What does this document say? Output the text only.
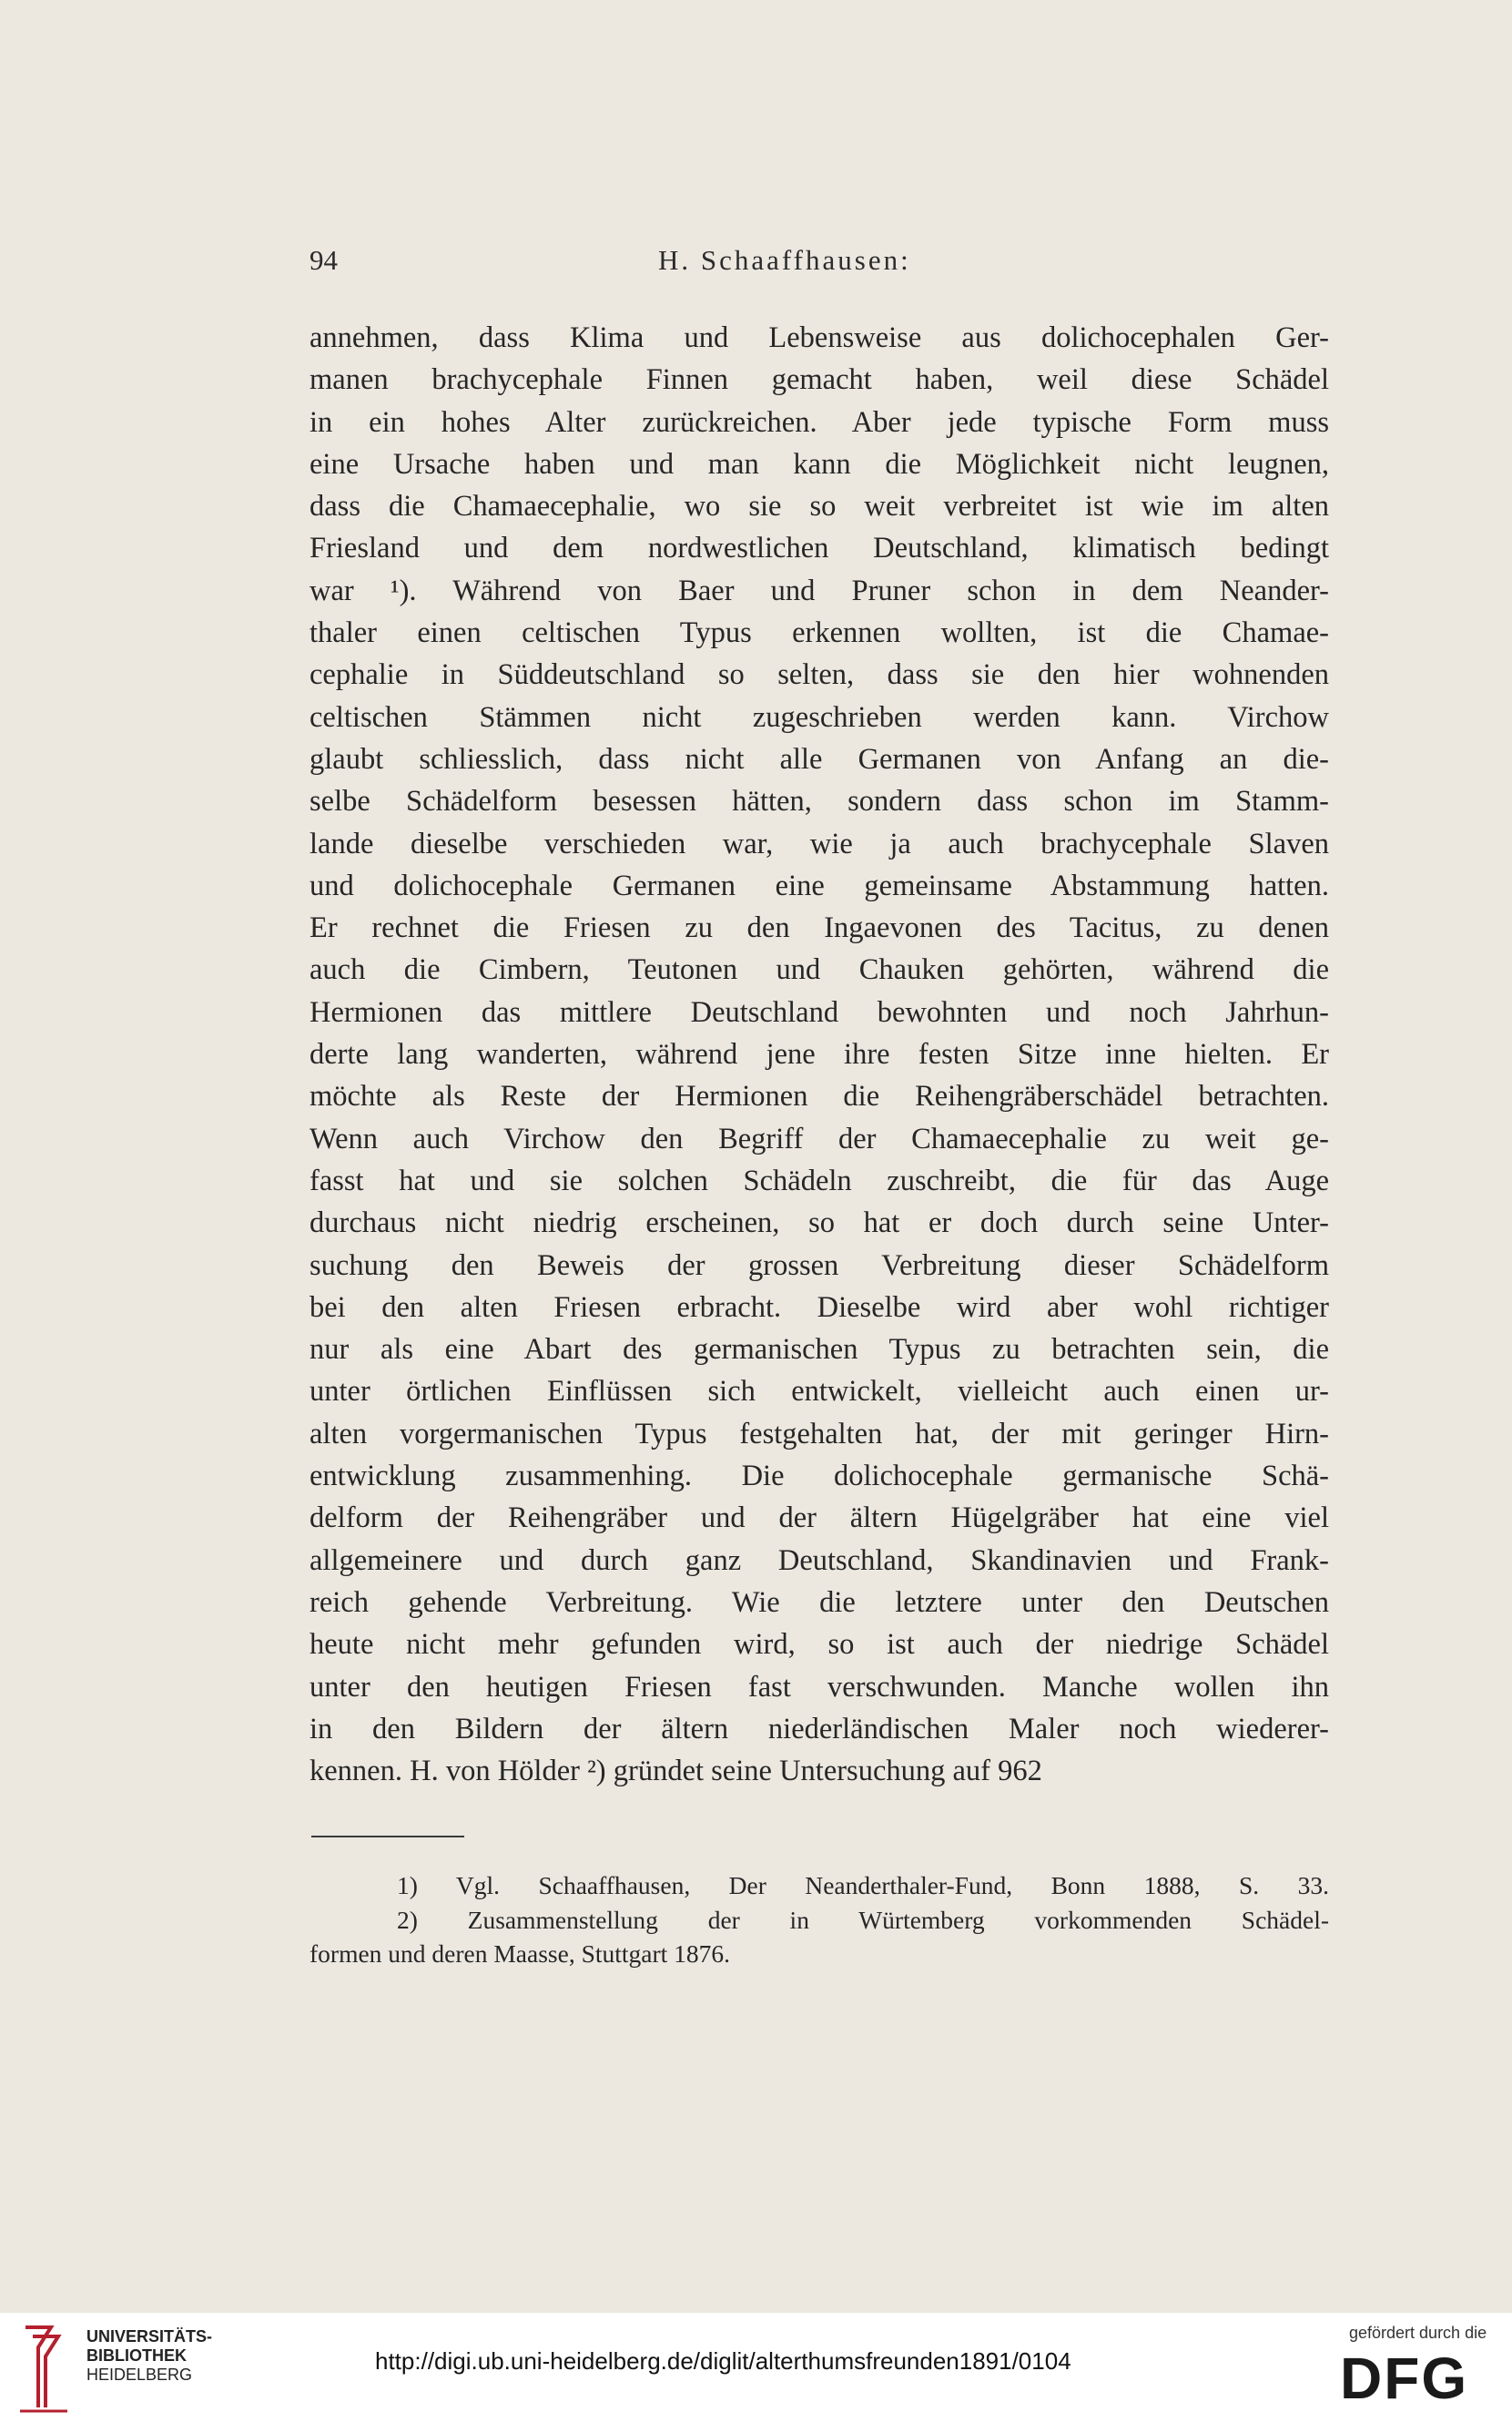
94	H. Schaaffhausen:
annehmen, dass Klima und Lebensweise aus dolichocephalen Ger-
manen brachycephale Finnen gemacht haben, weil diese Schädel
in ein hohes Alter zurückreichen. Aber jede typische Form muss
eine Ursache haben und man kann die Möglichkeit nicht leugnen,
dass die Chamaecephalie, wo sie so weit verbreitet ist wie im alten
Friesland und dem nordwestlichen Deutschland, klimatisch bedingt
war ¹). Während von Baer und Pruner schon in dem Neander-
thaler einen celtischen Typus erkennen wollten, ist die Chamae-
cephalie in Süddeutschland so selten, dass sie den hier wohnenden
celtischen Stämmen nicht zugeschrieben werden kann. Virchow
glaubt schliesslich, dass nicht alle Germanen von Anfang an die-
selbe Schädelform besessen hätten, sondern dass schon im Stamm-
lande dieselbe verschieden war, wie ja auch brachycephale Slaven
und dolichocephale Germanen eine gemeinsame Abstammung hatten.
Er rechnet die Friesen zu den Ingaevonen des Tacitus, zu denen
auch die Cimbern, Teutonen und Chauken gehörten, während die
Hermionen das mittlere Deutschland bewohnten und noch Jahrhun-
derte lang wanderten, während jene ihre festen Sitze inne hielten. Er
möchte als Reste der Hermionen die Reihengräberschädel betrachten.
Wenn auch Virchow den Begriff der Chamaecephalie zu weit ge-
fasst hat und sie solchen Schädeln zuschreibt, die für das Auge
durchaus nicht niedrig erscheinen, so hat er doch durch seine Unter-
suchung den Beweis der grossen Verbreitung dieser Schädelform
bei den alten Friesen erbracht. Dieselbe wird aber wohl richtiger
nur als eine Abart des germanischen Typus zu betrachten sein, die
unter örtlichen Einflüssen sich entwickelt, vielleicht auch einen ur-
alten vorgermanischen Typus festgehalten hat, der mit geringer Hirn-
entwicklung zusammenhing. Die dolichocephale germanische Schä-
delform der Reihengräber und der ältern Hügelgräber hat eine viel
allgemeinere und durch ganz Deutschland, Skandinavien und Frank-
reich gehende Verbreitung. Wie die letztere unter den Deutschen
heute nicht mehr gefunden wird, so ist auch der niedrige Schädel
unter den heutigen Friesen fast verschwunden. Manche wollen ihn
in den Bildern der ältern niederländischen Maler noch wiederer-
kennen. H. von Hölder ²) gründet seine Untersuchung auf 962
1) Vgl. Schaaffhausen, Der Neanderthaler-Fund, Bonn 1888, S. 33.
2) Zusammenstellung der in Würtemberg vorkommenden Schädel-
formen und deren Maasse, Stuttgart 1876.
UNIVERSITÄTS-
BIBLIOTHEK
HEIDELBERG	http://digi.ub.uni-heidelberg.de/diglit/alterthumsfreunden1891/0104
gefördert durch die
DFG
